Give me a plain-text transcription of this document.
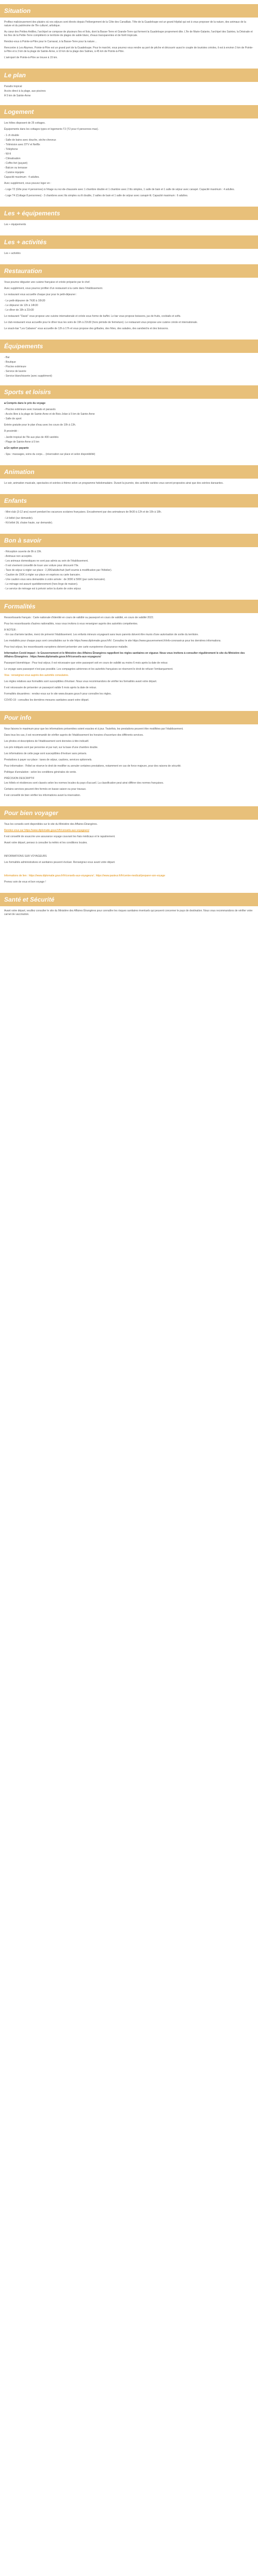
Situation

Profitez malicieusement des plaisirs où vos séjours sont élevés depuis l'hébergement de la Côte des Canaillais. Tête de la Guadeloupe est un grand hôpital qui est à vous proposer de la nature, des animaux de la nature et du patrimoine de l'île culturel, artistique.

Au cœur des Petites Antilles, l'archipel se compose de plusieurs îles et îlots, dont la Basse-Terre et Grande-Terre qui forment la Guadeloupe proprement dite. L'île de Marie-Galante, l'archipel des Saintes, la Désirade et les îles de la Petite-Terre complètent ce territoire de plages de sable blanc, d'eaux transparentes et de forêt tropicale.

Rendez-vous à Pointe-à-Pitre pour le Carnaval, à la Basse-Terre pour la nature…

Rencontre à Les Abymes. Pointe-à-Pitre est un grand port de la Guadeloupe. Pour le marché, vous pourrez vous rendre au port de pêche et découvrir aussi le couple de touristes créoles, il est à environ 3 km de Pointe-à-Pitre et à 3 km de la plage de Sainte-Anne, à 10 km de la plage des Salines, à 45 km de Pointe-à-Pitre.

L'aéroport de Pointe-à-Pitre se trouve à 15 km.

Le plan

Paradis tropical

Accès direct à la plage, aux piscines

À 5 km de Sainte-Anne

Logement

Les hôtes disposent de 25 cottages.

Équipements dans les cottages types et logements T2 (T2 pour 4 personnes max).

- 1 ch double

- Salle de bains avec douche, sèche-cheveux

- Télévision avec DTV et Netflix

- Téléphone

- Wi-fi

- Climatisation

- Coffre-fort (payant)

- Balcon ou terrasse

- Cuisine équipée

Capacité maximum : 4 adultes.

Avec supplément, vous pouvez loger en :

- Loge T2 (Gîte pour 4 personnes) à l'étage ou rez-de-chaussée avec 1 chambre double et 1 chambre avec 2 lits simples, 1 salle de bain et 1 salle de séjour avec canapé. Capacité maximum : 4 adultes.

- Loge T4 (Cottage 8 personnes) - 3 chambres avec lits simples ou lit double, 2 salles de bain et 1 salle de séjour avec canapé-lit. Capacité maximum : 6 adultes.

Les + équipements

Les + équipements

Les + activités

Les + activités

Restauration

Vous pourrez déguster une cuisine française et créole préparée par le chef.

Avec supplément, vous pourrez profiter d'un restaurant à la carte dans l'établissement.

Le restaurant vous accueille chaque jour pour le petit-déjeuner :

- Le petit-déjeuner de 7h30 à 10h30

- Le déjeuner de 12h à 14h30

- Le dîner de 19h à 21h30

Le restaurant "Oasis" vous propose une cuisine internationale et créole sous forme de buffet. Le bar vous propose boissons, jus de fruits, cocktails et softs.

Le club-restaurant vous accueille pour le dîner tous les soirs de 19h à 21h30 (hors période de fermeture). Le restaurant vous propose une cuisine créole et internationale.

Le snack-bar "Les Cabanes" vous accueille de 12h à 17h et vous propose des grillades, des frites, des salades, des sandwichs et des boissons.

Équipements

- Bar

- Boutique

- Piscine extérieure

- Service de laverie

- Service blanchisserie (avec supplément)

Sports et loisirs

■ Compris dans le prix du voyage

- Piscine extérieure avec transats et parasols

- Accès libre à la plage de Sainte-Anne et de Bois-Jolan à 5 km de Sainte-Anne

- Salle de sport

Entrée gratuite pour le plan d'eau avec les cours de 10h à 13h.

À proximité :

- Jardin tropical de l'île aux plus de 400 variétés

- Plage de Sainte-Anne à 5 km

■ En option payante

- Spa : massages, soins du corps… (réservation sur place et selon disponibilité)

Animation

Le soir, animation musicale, spectacles et soirées à thème selon un programme hebdomadaire. Durant la journée, des activités variées vous seront proposées ainsi que des soirées dansantes.

Enfants

- Mini-club (3-12 ans) ouvert pendant les vacances scolaires françaises. Encadrement par des animateurs de 9h30 à 12h et de 15h à 18h.

- Lit bébé (sur demande).

- Kit bébé (lit, chaise haute, sur demande).

Bon à savoir

- Réception ouverte de 8h à 19h.

- Animaux non acceptés.

- Les animaux domestiques ne sont pas admis au sein de l'établissement.

- Il est vivement conseillé de louer une voiture pour découvrir l'île.

- Taxe de séjour à régler sur place : 2,30€/adulte/nuit (tarif soumis à modification par l'hôtelier).

- Caution de 150€ à régler sur place en espèces ou carte bancaire.

- Une caution vous sera demandée à votre arrivée : de 300€ à 500€ (par carte bancaire).

- Le ménage est assuré quotidiennement (hors linge de maison).

- Le service de ménage est à prévoir selon la durée de votre séjour.

Formalités

Ressortissants français : Carte nationale d'identité en cours de validité ou passeport en cours de validité, en cours de validité 2022.

Pour les ressortissants d'autres nationalités, nous vous invitons à vous renseigner auprès des autorités compétentes.

À NOTER :

- En cas d'arrivée tardive, merci de prévenir l'établissement. Les enfants mineurs voyageant sans leurs parents doivent être munis d'une autorisation de sortie du territoire.

Les modalités pour chaque pays sont consultables sur le site https://www.diplomatie.gouv.fr/fr/. Consultez le site https://www.gouvernement.fr/info-coronavirus pour les dernières informations.

Pour tout séjour, les ressortissants européens doivent présenter une carte européenne d'assurance maladie.

Information Covid impact : le Gouvernement et le Ministère des Affaires Étrangères rappellent les règles sanitaires en vigueur. Nous vous invitons à consulter régulièrement le site du Ministère des Affaires Étrangères : https://www.diplomatie.gouv.fr/fr/conseils-aux-voyageurs/

Passeport biométrique : Pour tout séjour, il est nécessaire que votre passeport soit en cours de validité au moins 6 mois après la date de retour.

Le voyage sans passeport n'est pas possible. Les compagnies aériennes et les autorités françaises se réservent le droit de refuser l'embarquement.

Visa : renseignez-vous auprès des autorités consulaires.

Les règles relatives aux formalités sont susceptibles d'évoluer. Nous vous recommandons de vérifier les formalités avant votre départ.

Il est nécessaire de présenter un passeport valide 6 mois après la date de retour.

Formalités douanières : rendez-vous sur le site www.douane.gouv.fr pour connaître les règles.

COVID-19 : consultez les dernières mesures sanitaires avant votre départ.

Pour info

Nous faisons le maximum pour que les informations présentées soient exactes et à jour. Toutefois, les prestations peuvent être modifiées par l'établissement.

Dans tous les cas, il est recommandé de vérifier auprès de l'établissement les horaires d'ouverture des différents services.

Les photos et descriptions de l'établissement sont données à titre indicatif.

Les prix indiqués sont par personne et par nuit, sur la base d'une chambre double.

Les informations de cette page sont susceptibles d'évoluer sans préavis.

Prestations à payer sur place : taxes de séjour, cautions, services optionnels.

Pour information : l'hôtel se réserve le droit de modifier ou annuler certaines prestations, notamment en cas de force majeure, pour des raisons de sécurité.

Politique d'annulation : selon les conditions générales de vente.

PRÉCISION DESCRIPTIF

Les hôtels et résidences sont classés selon les normes locales du pays d'accueil. La classification peut ainsi différer des normes françaises.

Certains services peuvent être fermés en basse saison ou pour travaux.

Il est conseillé de bien vérifier les informations avant la réservation.

Pour bien voyager

Tous les conseils sont disponibles sur le site du Ministère des Affaires Étrangères.

Rendez-vous sur https://www.diplomatie.gouv.fr/fr/conseils-aux-voyageurs/

Il est conseillé de souscrire une assurance voyage couvrant les frais médicaux et le rapatriement.

Avant votre départ, pensez à consulter la météo et les conditions locales.

INFORMATIONS SUR VOYAGEURS

Les formalités administratives et sanitaires peuvent évoluer. Renseignez-vous avant votre départ.

Informations de lien : https://www.diplomatie.gouv.fr/fr/conseils-aux-voyageurs/ ; https://www.pasteur.fr/fr/centre-medical/preparer-son-voyage

Prenez soin de vous et bon voyage !

Santé et Sécurité

Avant votre départ, veuillez consulter le site du Ministère des Affaires Étrangères pour connaître les risques sanitaires éventuels qui peuvent concerner le pays de destination. Nous vous recommandons de vérifier votre carnet de vaccination.
